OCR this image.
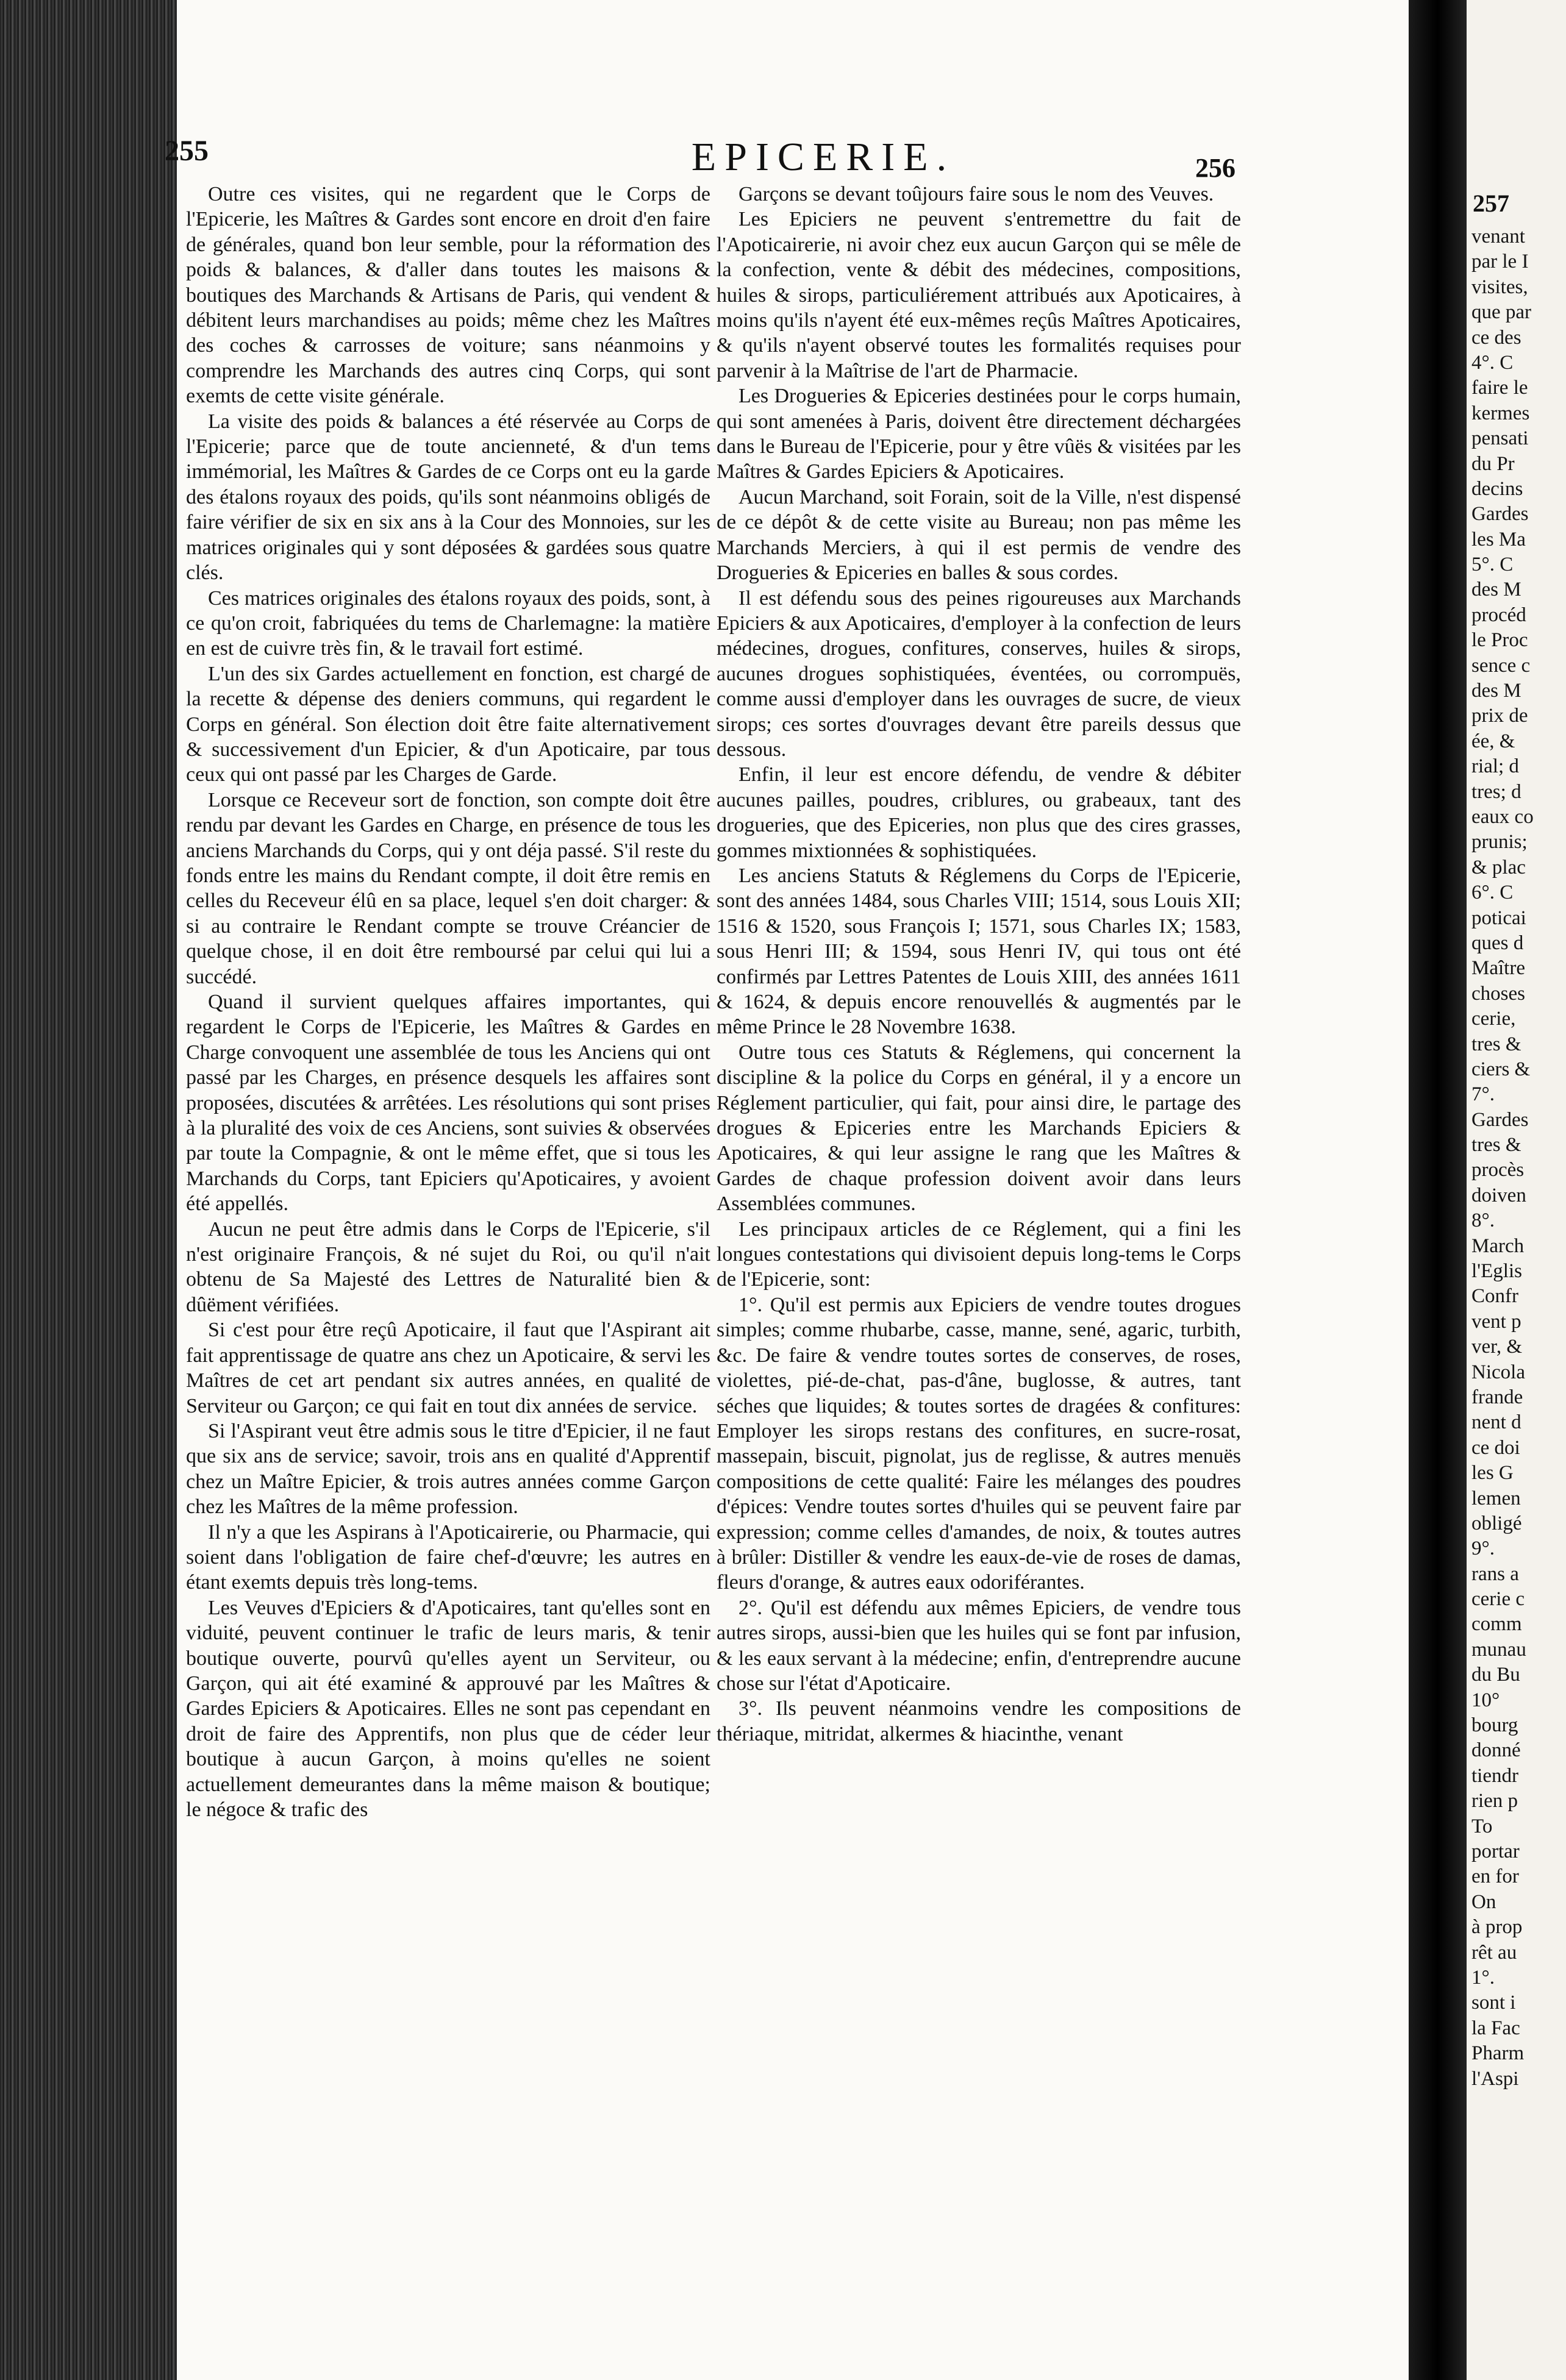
255	EPICERIE.	256

Outre ces visites, qui ne regardent que le Corps de l'Epicerie, les Maîtres & Gardes sont encore en droit d'en faire de générales, quand bon leur semble, pour la réformation des poids & balances, & d'aller dans toutes les maisons & boutiques des Marchands & Artisans de Paris, qui vendent & débitent leurs marchandises au poids; même chez les Maîtres des coches & carrosses de voiture; sans néanmoins y comprendre les Marchands des autres cinq Corps, qui sont exemts de cette visite générale.

La visite des poids & balances a été réservée au Corps de l'Epicerie; parce que de toute ancienneté, & d'un tems immémorial, les Maîtres & Gardes de ce Corps ont eu la garde des étalons royaux des poids, qu'ils sont néanmoins obligés de faire vérifier de six en six ans à la Cour des Monnoies, sur les matrices originales qui y sont déposées & gardées sous quatre clés.

Ces matrices originales des étalons royaux des poids, sont, à ce qu'on croit, fabriquées du tems de Charlemagne: la matière en est de cuivre très fin, & le travail fort estimé.

L'un des six Gardes actuellement en fonction, est chargé de la recette & dépense des deniers communs, qui regardent le Corps en général. Son élection doit être faite alternativement & successivement d'un Epicier, & d'un Apoticaire, par tous ceux qui ont passé par les Charges de Garde.

Lorsque ce Receveur sort de fonction, son compte doit être rendu par devant les Gardes en Charge, en présence de tous les anciens Marchands du Corps, qui y ont déja passé. S'il reste du fonds entre les mains du Rendant compte, il doit être remis en celles du Receveur élû en sa place, lequel s'en doit charger: & si au contraire le Rendant compte se trouve Créancier de quelque chose, il en doit être remboursé par celui qui lui a succédé.

Quand il survient quelques affaires importantes, qui regardent le Corps de l'Epicerie, les Maîtres & Gardes en Charge convoquent une assemblée de tous les Anciens qui ont passé par les Charges, en présence desquels les affaires sont proposées, discutées & arrêtées. Les résolutions qui sont prises à la pluralité des voix de ces Anciens, sont suivies & observées par toute la Compagnie, & ont le même effet, que si tous les Marchands du Corps, tant Epiciers qu'Apoticaires, y avoient été appellés.

Aucun ne peut être admis dans le Corps de l'Epicerie, s'il n'est originaire François, & né sujet du Roi, ou qu'il n'ait obtenu de Sa Majesté des Lettres de Naturalité bien & dûëment vérifiées.

Si c'est pour être reçû Apoticaire, il faut que l'Aspirant ait fait apprentissage de quatre ans chez un Apoticaire, & servi les Maîtres de cet art pendant six autres années, en qualité de Serviteur ou Garçon; ce qui fait en tout dix années de service.

Si l'Aspirant veut être admis sous le titre d'Epicier, il ne faut que six ans de service; savoir, trois ans en qualité d'Apprentif chez un Maître Epicier, & trois autres années comme Garçon chez les Maîtres de la même profession.

Il n'y a que les Aspirans à l'Apoticairerie, ou Pharmacie, qui soient dans l'obligation de faire chef-d'œuvre; les autres en étant exemts depuis très long-tems.

Les Veuves d'Epiciers & d'Apoticaires, tant qu'elles sont en viduité, peuvent continuer le trafic de leurs maris, & tenir boutique ouverte, pourvû qu'elles ayent un Serviteur, ou Garçon, qui ait été examiné & approuvé par les Maîtres & Gardes Epiciers & Apoticaires. Elles ne sont pas cependant en droit de faire des Apprentifs, non plus que de céder leur boutique à aucun Garçon, à moins qu'elles ne soient actuellement demeurantes dans la même maison & boutique; le négoce & trafic des

Garçons se devant toûjours faire sous le nom des Veuves.

Les Epiciers ne peuvent s'entremettre du fait de l'Apoticairerie, ni avoir chez eux aucun Garçon qui se mêle de la confection, vente & débit des médecines, compositions, huiles & sirops, particuliérement attribués aux Apoticaires, à moins qu'ils n'ayent été eux-mêmes reçûs Maîtres Apoticaires, & qu'ils n'ayent observé toutes les formalités requises pour parvenir à la Maîtrise de l'art de Pharmacie.

Les Drogueries & Epiceries destinées pour le corps humain, qui sont amenées à Paris, doivent être directement déchargées dans le Bureau de l'Epicerie, pour y être vûës & visitées par les Maîtres & Gardes Epiciers & Apoticaires.

Aucun Marchand, soit Forain, soit de la Ville, n'est dispensé de ce dépôt & de cette visite au Bureau; non pas même les Marchands Merciers, à qui il est permis de vendre des Drogueries & Epiceries en balles & sous cordes.

Il est défendu sous des peines rigoureuses aux Marchands Epiciers & aux Apoticaires, d'employer à la confection de leurs médecines, drogues, confitures, conserves, huiles & sirops, aucunes drogues sophistiquées, éventées, ou corrompuës, comme aussi d'employer dans les ouvrages de sucre, de vieux sirops; ces sortes d'ouvrages devant être pareils dessus que dessous.

Enfin, il leur est encore défendu, de vendre & débiter aucunes pailles, poudres, criblures, ou grabeaux, tant des drogueries, que des Epiceries, non plus que des cires grasses, gommes mixtionnées & sophistiquées.

Les anciens Statuts & Réglemens du Corps de l'Epicerie, sont des années 1484, sous Charles VIII; 1514, sous Louis XII; 1516 & 1520, sous François I; 1571, sous Charles IX; 1583, sous Henri III; & 1594, sous Henri IV, qui tous ont été confirmés par Lettres Patentes de Louis XIII, des années 1611 & 1624, & depuis encore renouvellés & augmentés par le même Prince le 28 Novembre 1638.

Outre tous ces Statuts & Réglemens, qui concernent la discipline & la police du Corps en général, il y a encore un Réglement particulier, qui fait, pour ainsi dire, le partage des drogues & Epiceries entre les Marchands Epiciers & Apoticaires, & qui leur assigne le rang que les Maîtres & Gardes de chaque profession doivent avoir dans leurs Assemblées communes.

Les principaux articles de ce Réglement, qui a fini les longues contestations qui divisoient depuis long-tems le Corps de l'Epicerie, sont:

1°. Qu'il est permis aux Epiciers de vendre toutes drogues simples; comme rhubarbe, casse, manne, sené, agaric, turbith, &c. De faire & vendre toutes sortes de conserves, de roses, violettes, pié-de-chat, pas-d'âne, buglosse, & autres, tant séches que liquides; & toutes sortes de dragées & confitures: Employer les sirops restans des confitures, en sucre-rosat, massepain, biscuit, pignolat, jus de reglisse, & autres menuës compositions de cette qualité: Faire les mélanges des poudres d'épices: Vendre toutes sortes d'huiles qui se peuvent faire par expression; comme celles d'amandes, de noix, & toutes autres à brûler: Distiller & vendre les eaux-de-vie de roses de damas, fleurs d'orange, & autres eaux odoriférantes.

2°. Qu'il est défendu aux mêmes Epiciers, de vendre tous autres sirops, aussi-bien que les huiles qui se font par infusion, & les eaux servant à la médecine; enfin, d'entreprendre aucune chose sur l'état d'Apoticaire.

3°. Ils peuvent néanmoins vendre les compositions de thériaque, mitridat, alkermes & hiacinthe, venant

257
venant
par le I
visites,
que par
ce des
4°. C
faire le
kermes
pensati
du Pr
decins
Gardes
les Ma
5°. C
des M
procéd
le Proc
sence c
des M
prix de
ée, &
rial; d
tres; d
eaux co
prunis;
& plac
6°. C
poticai
ques d
Maître
choses
cerie,
tres &
ciers &
7°.
Gardes
tres &
procès
doiven
8°.
March
l'Eglis
Confr
vent p
ver, &
Nicola
frande
nent d
ce doi
les G
lemen
obligé
9°.
rans a
cerie c
comm
munau
du Bu
10°
bourg
donné
tiendr
rien p
To
portar
en for
On
à prop
rêt au
1°.
sont i
la Fac
Pharm
l'Aspi
